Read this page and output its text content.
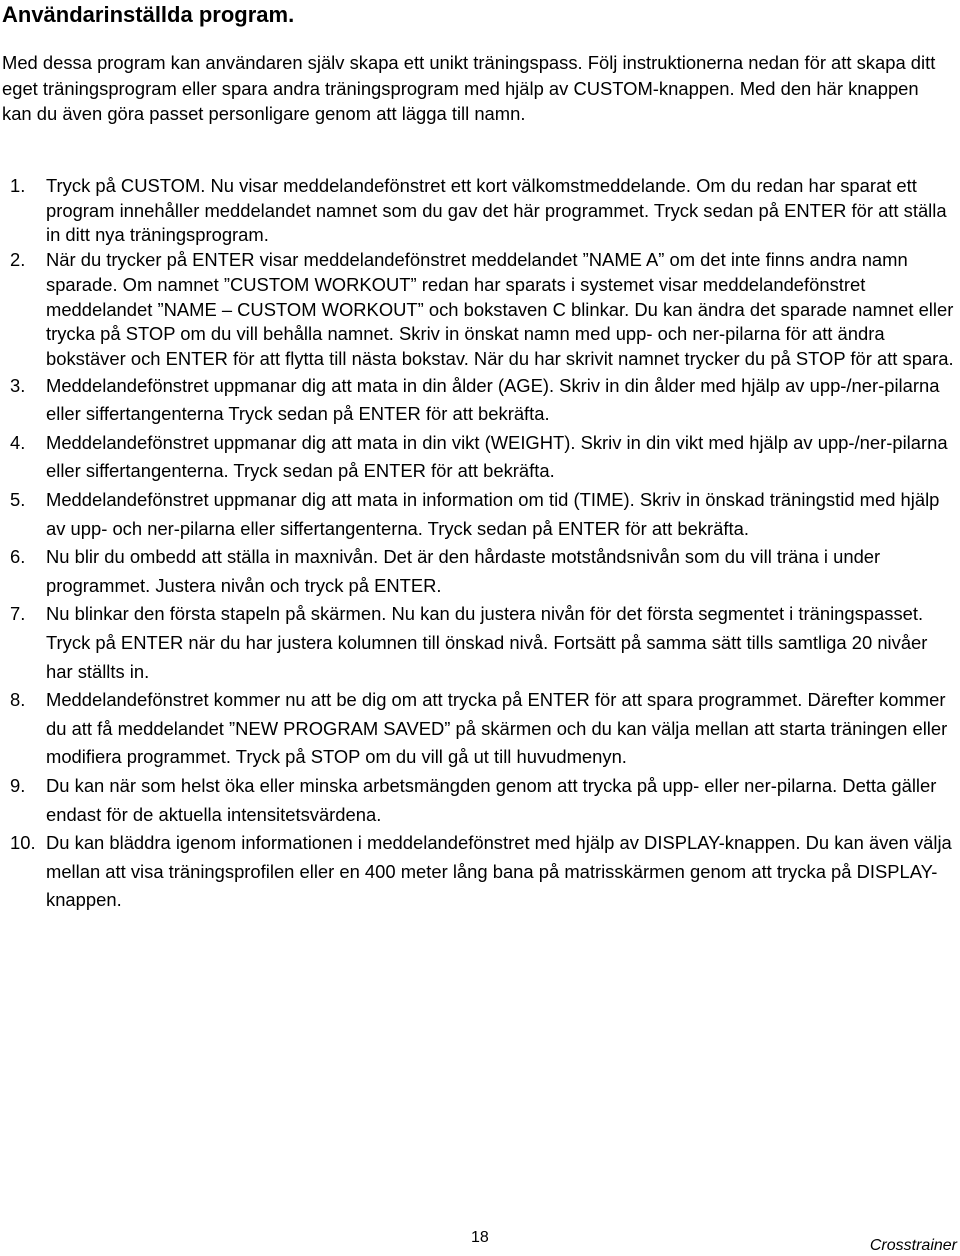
Användarinställda program.

Med dessa program kan användaren själv skapa ett unikt träningspass. Följ instruktionerna nedan för att skapa ditt eget träningsprogram eller spara andra träningsprogram med hjälp av CUSTOM-knappen. Med den här knappen kan du även göra passet personligare genom att lägga till namn.

1.	Tryck på CUSTOM. Nu visar meddelandefönstret ett kort välkomstmeddelande. Om du redan har sparat ett program innehåller meddelandet namnet som du gav det här programmet. Tryck sedan på ENTER för att ställa in ditt nya träningsprogram.
2.	När du trycker på ENTER visar meddelandefönstret meddelandet ”NAME A” om det inte finns andra namn sparade. Om namnet ”CUSTOM WORKOUT” redan har sparats i systemet visar meddelandefönstret meddelandet ”NAME – CUSTOM WORKOUT” och bokstaven C blinkar. Du kan ändra det sparade namnet eller trycka på STOP om du vill behålla namnet. Skriv in önskat namn med upp- och ner-pilarna för att ändra bokstäver och ENTER för att flytta till nästa bokstav. När du har skrivit namnet trycker du på STOP för att spara.
3.	Meddelandefönstret uppmanar dig att mata in din ålder (AGE). Skriv in din ålder med hjälp av upp-/ner-pilarna eller siffertangenterna Tryck sedan på ENTER för att bekräfta.
4.	Meddelandefönstret uppmanar dig att mata in din vikt (WEIGHT). Skriv in din vikt med hjälp av upp-/ner-pilarna eller siffertangenterna. Tryck sedan på ENTER för att bekräfta.
5.	Meddelandefönstret uppmanar dig att mata in information om tid (TIME). Skriv in önskad träningstid med hjälp av upp- och ner-pilarna eller siffertangenterna. Tryck sedan på ENTER för att bekräfta.
6.	Nu blir du ombedd att ställa in maxnivån. Det är den hårdaste motståndsnivån som du vill träna i under programmet. Justera nivån och tryck på ENTER.
7.	Nu blinkar den första stapeln på skärmen. Nu kan du justera nivån för det första segmentet i träningspasset. Tryck på ENTER när du har justera kolumnen till önskad nivå. Fortsätt på samma sätt tills samtliga 20 nivåer har ställts in.
8.	Meddelandefönstret kommer nu att be dig om att trycka på ENTER för att spara programmet. Därefter kommer du att få meddelandet ”NEW PROGRAM SAVED” på skärmen och du kan välja mellan att starta träningen eller modifiera programmet. Tryck på STOP om du vill gå ut till huvudmenyn.
9.	Du kan när som helst öka eller minska arbetsmängden genom att trycka på upp- eller ner-pilarna. Detta gäller endast för de aktuella intensitetsvärdena.
10. Du kan bläddra igenom informationen i meddelandefönstret med hjälp av DISPLAY-knappen. Du kan även välja mellan att visa träningsprofilen eller en 400 meter lång bana på matrisskärmen genom att trycka på DISPLAY-knappen.
18	Crosstrainer
